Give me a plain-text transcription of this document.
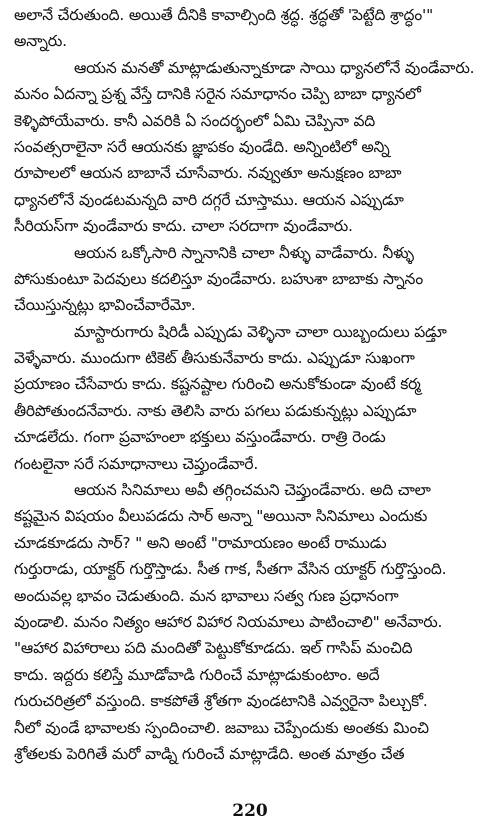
అలానే చేరుతుంది. అయితే దీనికి కావాల్సింది శ్రద్ధ. శ్రద్ధతో 'పెట్టేది శ్రాద్ధం'"
అన్నారు.
ఆయన మనతో మాట్లాడుతున్నాకూడా సాయి ధ్యానలోనే వుండేవారు.
మనం ఏదన్నా ప్రశ్న వేస్తే దానికి సరైన సమాధానం చెప్పి బాబా ధ్యానలో
కెళ్ళిపోయేవారు. కానీ ఎవరికి ఏ సందర్భంలో ఏమి చెప్పినా వది
సంవత్సరాలైనా సరే ఆయనకు జ్ఞాపకం వుండేది. అన్నింటిలో అన్ని
రూపాలలో ఆయన బాబానే చూసేవారు. నవ్వుతూ అనుక్షణం బాబా
ధ్యానలోనే వుండటమన్నది వారి దగ్గరే చూస్తాము. ఆయన ఎప్పుడూ
సీరియస్‌గా వుండేవారు కాదు. చాలా సరదాగా వుండేవారు.
ఆయన ఒక్కోసారి స్నానానికి చాలా నీళ్ళు వాడేవారు. నీళ్ళు
పోసుకుంటూ పెదవులు కదలిస్తూ వుండేవారు. బహుశా బాబాకు స్నానం
చేయిస్తున్నట్లు భావించేవారేమో.
మాస్టారుగారు షిరిడీ ఎప్పుడు వెళ్ళినా చాలా యిబ్బందులు పడ్తూ
వెళ్ళేవారు. ముందుగా టికెట్ తీసుకునేవారు కాదు. ఎప్పుడూ సుఖంగా
ప్రయాణం చేసేవారు కాదు. కష్టనష్టాల గురించి అనుకోకుండా వుంటే కర్మ
తీరిపోతుందనేవారు. నాకు తెలిసి వారు పగలు పడుకున్నట్లు ఎప్పుడూ
చూడలేదు. గంగా ప్రవాహంలా భక్తులు వస్తుండేవారు. రాత్రి రెండు
గంటలైనా సరే సమాధానాలు చెప్తుండేవారే.
ఆయన సినిమాలు అవీ తగ్గించమని చెప్తుండేవారు. అది చాలా
కష్టమైన విషయం వీలుపడదు సార్ అన్నా "అయినా సినిమాలు ఎందుకు
చూడకూడదు సార్? " అని అంటే "రామాయణం అంటే రాముడు
గుర్తురాడు, యాక్టర్ గుర్తొస్తాడు. సీత గాక, సీతగా వేసిన యాక్టర్ గుర్తొస్తుంది.
అందువల్ల భావం చెడుతుంది. మన భావాలు సత్వ గుణ ప్రధానంగా
వుండాలి. మనం నిత్యం ఆహార విహార నియమాలు పాటించాలి" అనేవారు.
"ఆహార విహారాలు పది మందితో పెట్టుకోకూడదు. ఇల్ గాసిప్ మంచిది
కాదు. ఇద్దరు కలిస్తే మూడోవాడి గురించే మాట్లాడుకుంటాం. అదే
గురుచరిత్రలో వస్తుంది. కాకపోతే శ్రోతగా వుండటానికి ఎవ్వరైనా పిల్చుకో.
నీలో వుండే భావాలకు స్పందించాలి. జవాబు చెప్పేందుకు అంతకు మించి
శ్రోతలకు పెరిగితే మరో వాడ్ని గురించే మాట్లాడేది. అంత మాత్రం చేత
220
